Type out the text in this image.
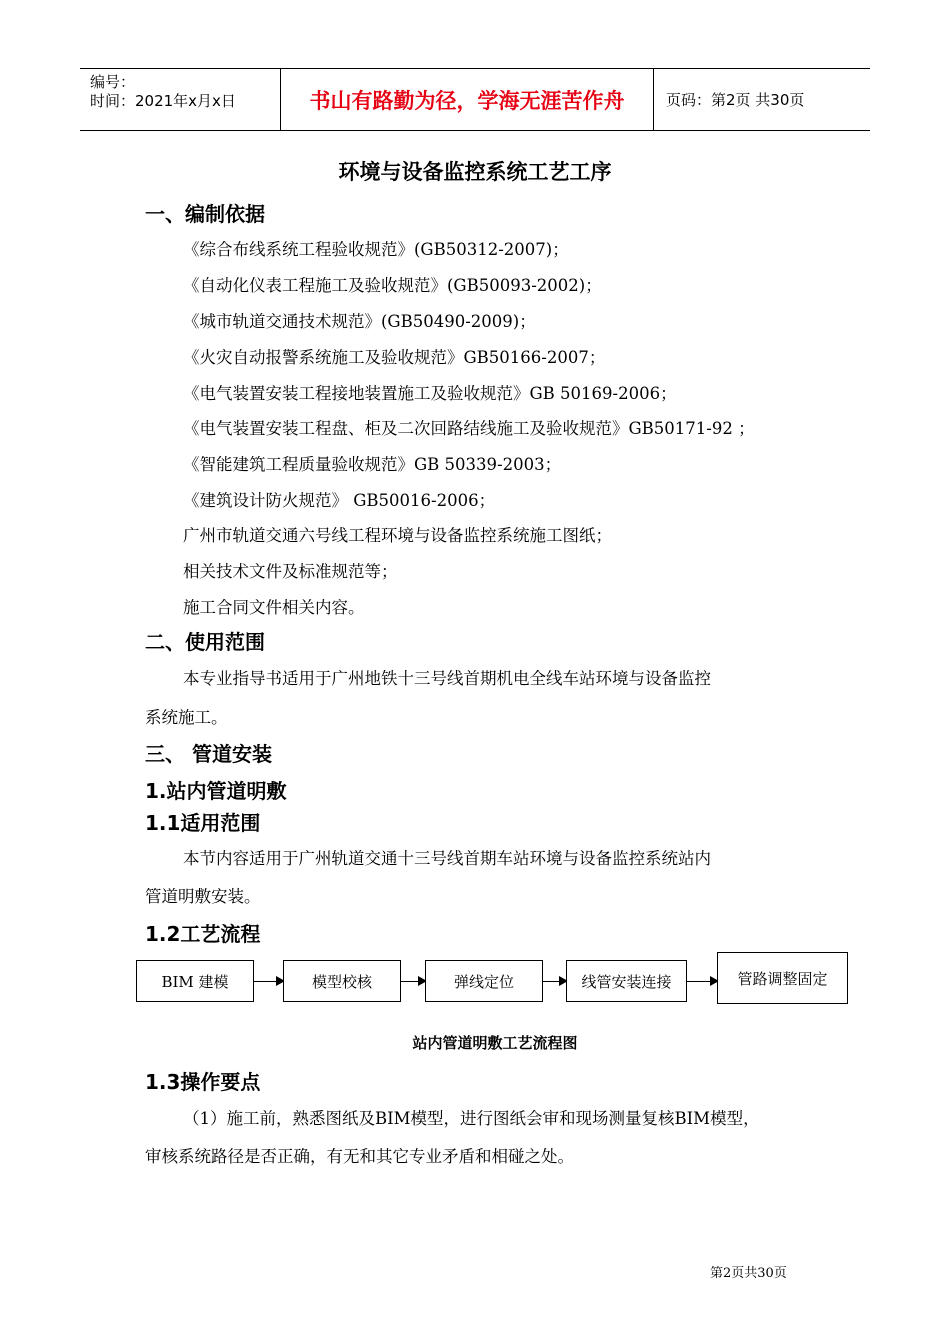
编号：
时间：2021年x月x日	书山有路勤为径，学海无涯苦作舟	页码：第2页 共30页
环境与设备监控系统工艺工序
一、编制依据
《综合布线系统工程验收规范》(GB50312-2007)；
《自动化仪表工程施工及验收规范》(GB50093-2002)；
《城市轨道交通技术规范》(GB50490-2009)；
《火灾自动报警系统施工及验收规范》GB50166-2007；
《电气装置安装工程接地装置施工及验收规范》GB 50169-2006；
《电气装置安装工程盘、柜及二次回路结线施工及验收规范》GB50171-92 ；
《智能建筑工程质量验收规范》GB 50339-2003；
《建筑设计防火规范》 GB50016-2006；
广州市轨道交通六号线工程环境与设备监控系统施工图纸；
相关技术文件及标准规范等；
施工合同文件相关内容。
二、使用范围
本专业指导书适用于广州地铁十三号线首期机电全线车站环境与设备监控
系统施工。
三、 管道安装
1.站内管道明敷
1.1适用范围
本节内容适用于广州轨道交通十三号线首期车站环境与设备监控系统站内
管道明敷安装。
1.2工艺流程
BIM 建模	模型校核	弹线定位	线管安装连接	管路调整固定
站内管道明敷工艺流程图
1.3操作要点
（1）施工前，熟悉图纸及BIM模型，进行图纸会审和现场测量复核BIM模型，
审核系统路径是否正确，有无和其它专业矛盾和相碰之处。
第2页共30页
